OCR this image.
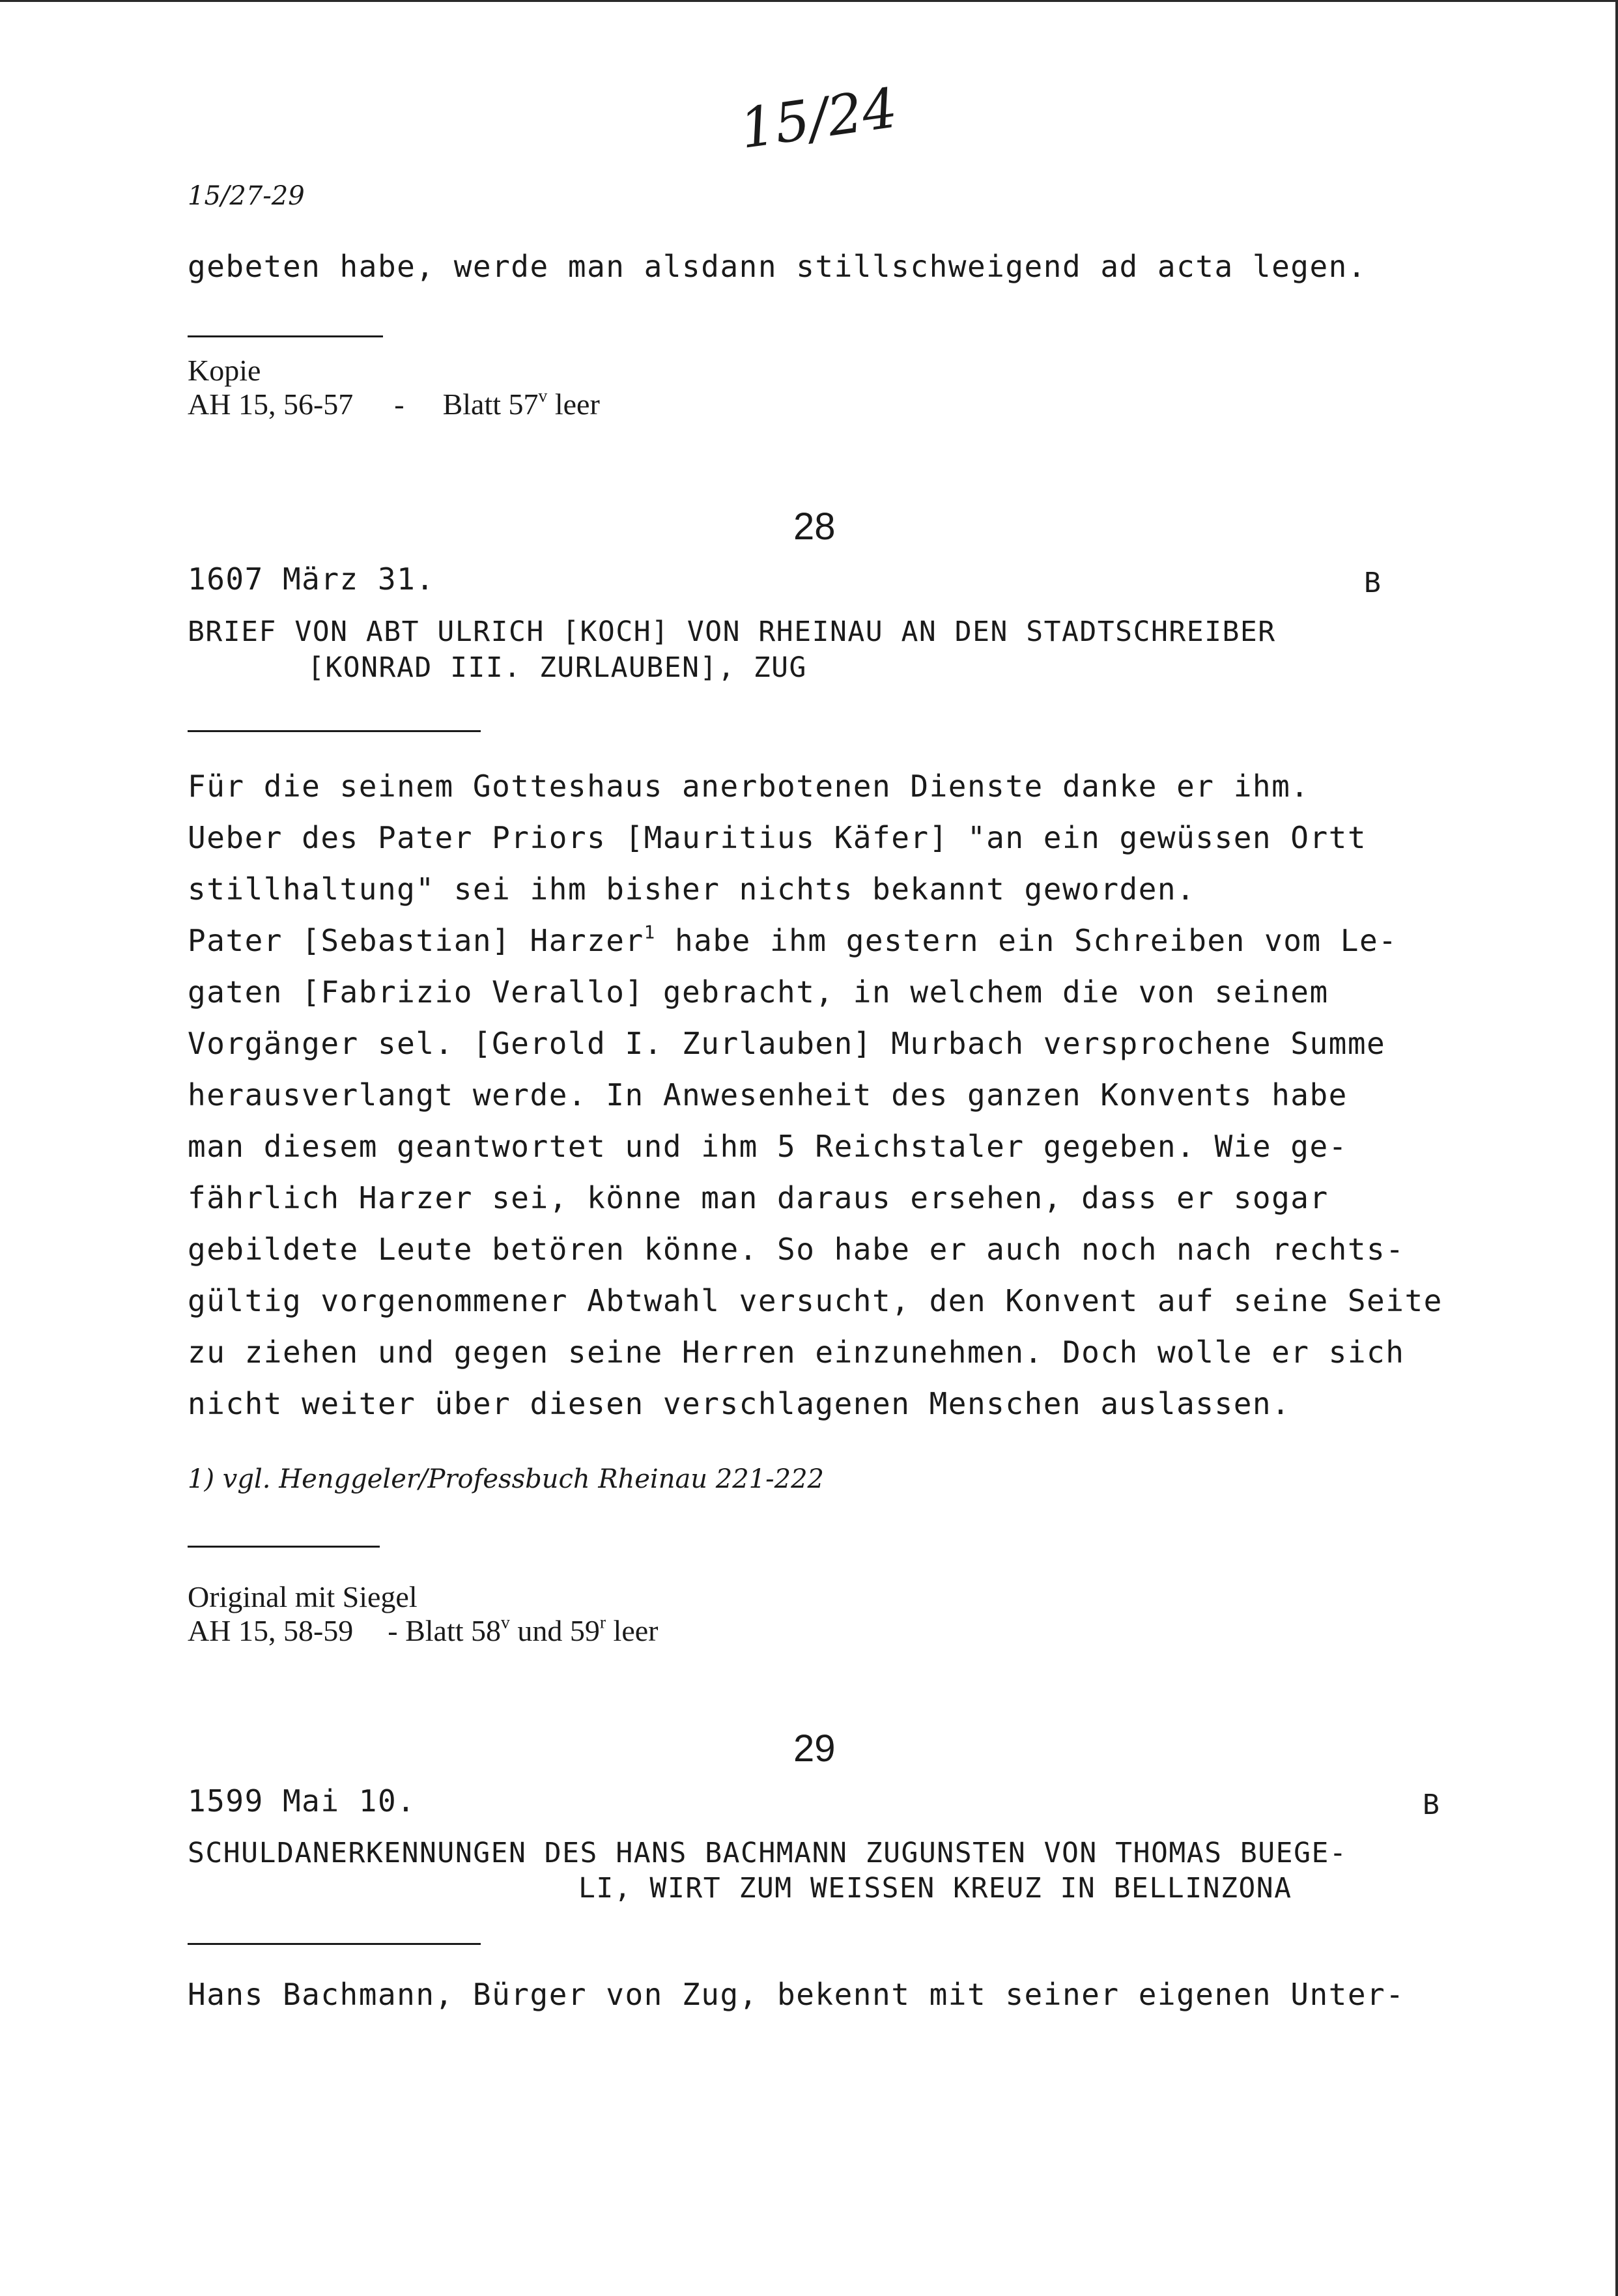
15/24
15/27-29
gebeten habe, werde man alsdann stillschweigend ad acta legen.
Kopie
AH 15, 56-57 - Blatt 57$^v$ leer
28
1607 März 31.	B
BRIEF VON ABT ULRICH [KOCH] VON RHEINAU AN DEN STADTSCHREIBER
[KONRAD III. ZURLAUBEN], ZUG
Für die seinem Gotteshaus anerbotenen Dienste danke er ihm.
Ueber des Pater Priors [Mauritius Käfer] "an ein gewüssen Ortt
stillhaltung" sei ihm bisher nichts bekannt geworden.
Pater [Sebastian] Harzer$^1$ habe ihm gestern ein Schreiben vom Le-
gaten [Fabrizio Verallo] gebracht, in welchem die von seinem
Vorgänger sel. [Gerold I. Zurlauben] Murbach versprochene Summe
herausverlangt werde. In Anwesenheit des ganzen Konvents habe
man diesem geantwortet und ihm 5 Reichstaler gegeben. Wie ge-
fährlich Harzer sei, könne man daraus ersehen, dass er sogar
gebildete Leute betören könne. So habe er auch noch nach rechts-
gültig vorgenommener Abtwahl versucht, den Konvent auf seine Seite
zu ziehen und gegen seine Herren einzunehmen. Doch wolle er sich
nicht weiter über diesen verschlagenen Menschen auslassen.
1) vgl. Henggeler/Professbuch Rheinau 221-222
Original mit Siegel
AH 15, 58-59 - Blatt 58$^v$ und 59$^r$ leer
29
1599 Mai 10.	B
SCHULDANERKENNUNGEN DES HANS BACHMANN ZUGUNSTEN VON THOMAS BUEGE-
LI, WIRT ZUM WEISSEN KREUZ IN BELLINZONA
Hans Bachmann, Bürger von Zug, bekennt mit seiner eigenen Unter-
